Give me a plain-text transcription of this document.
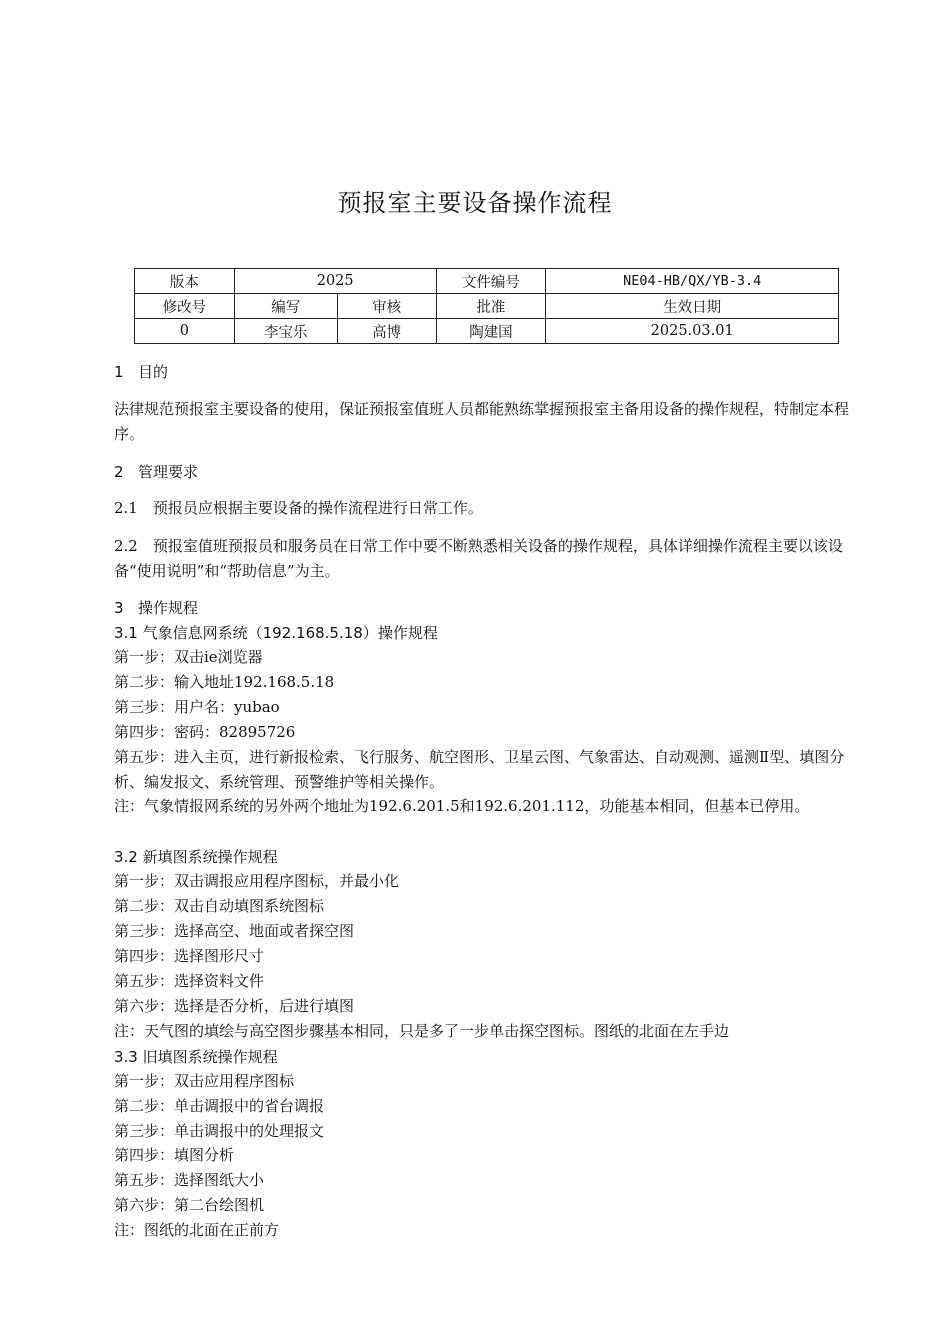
预报室主要设备操作流程
版本	2025		文件编号	NE04-HB/QX/YB-3.4
修改号	编写	审核	批准	生效日期
0	李宝乐	高博	陶建国	2025.03.01
1 目的
法律规范预报室主要设备的使用，保证预报室值班人员都能熟练掌握预报室主备用设备的操作规程，特制定本程序。
2 管理要求
2.1　预报员应根据主要设备的操作流程进行日常工作。
2.2　预报室值班预报员和服务员在日常工作中要不断熟悉相关设备的操作规程，具体详细操作流程主要以该设备“使用说明”和“帮助信息”为主。
3 操作规程
3.1 气象信息网系统（192.168.5.18）操作规程
第一步：双击ie浏览器
第二步：输入地址192.168.5.18
第三步：用户名：yubao
第四步：密码：82895726
第五步：进入主页，进行新报检索、飞行服务、航空图形、卫星云图、气象雷达、自动观测、遥测Ⅱ型、填图分析、编发报文、系统管理、预警维护等相关操作。
注：气象情报网系统的另外两个地址为192.6.201.5和192.6.201.112，功能基本相同，但基本已停用。
3.2 新填图系统操作规程
第一步：双击调报应用程序图标，并最小化
第二步：双击自动填图系统图标
第三步：选择高空、地面或者探空图
第四步：选择图形尺寸
第五步：选择资料文件
第六步：选择是否分析，后进行填图
注：天气图的填绘与高空图步骤基本相同，只是多了一步单击探空图标。图纸的北面在左手边
3.3 旧填图系统操作规程
第一步：双击应用程序图标
第二步：单击调报中的省台调报
第三步：单击调报中的处理报文
第四步：填图分析
第五步：选择图纸大小
第六步：第二台绘图机
注：图纸的北面在正前方
